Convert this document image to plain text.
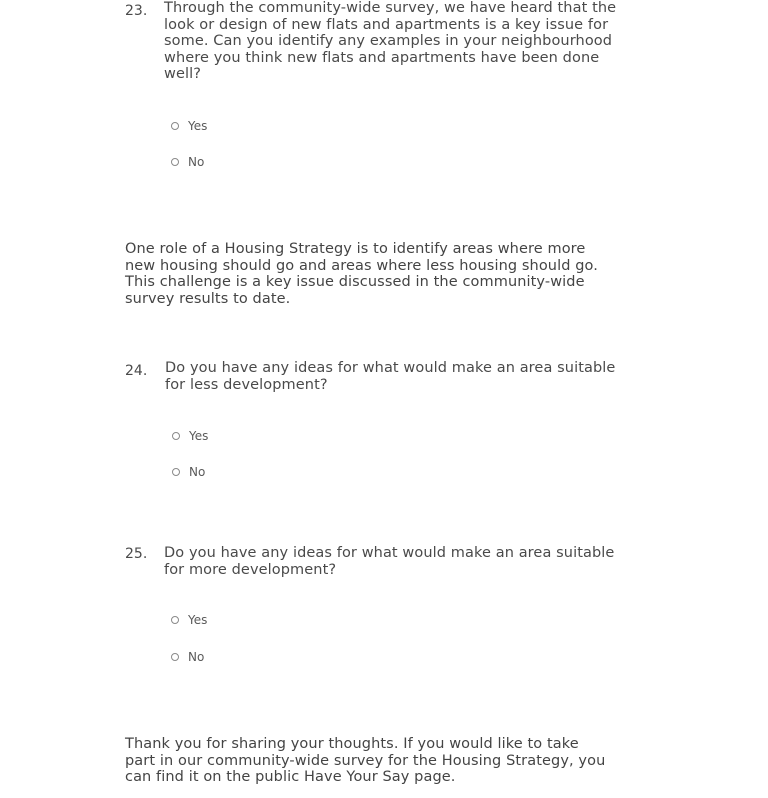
23. Through the community-wide survey, we have heard that the
look or design of new flats and apartments is a key issue for
some. Can you identify any examples in your neighbourhood
where you think new flats and apartments have been done
well?
Yes
No
One role of a Housing Strategy is to identify areas where more
new housing should go and areas where less housing should go.
This challenge is a key issue discussed in the community-wide
survey results to date.
24. Do you have any ideas for what would make an area suitable
for less development?
Yes
No
25. Do you have any ideas for what would make an area suitable
for more development?
Yes
No
Thank you for sharing your thoughts. If you would like to take
part in our community-wide survey for the Housing Strategy, you
can find it on the public Have Your Say page.
